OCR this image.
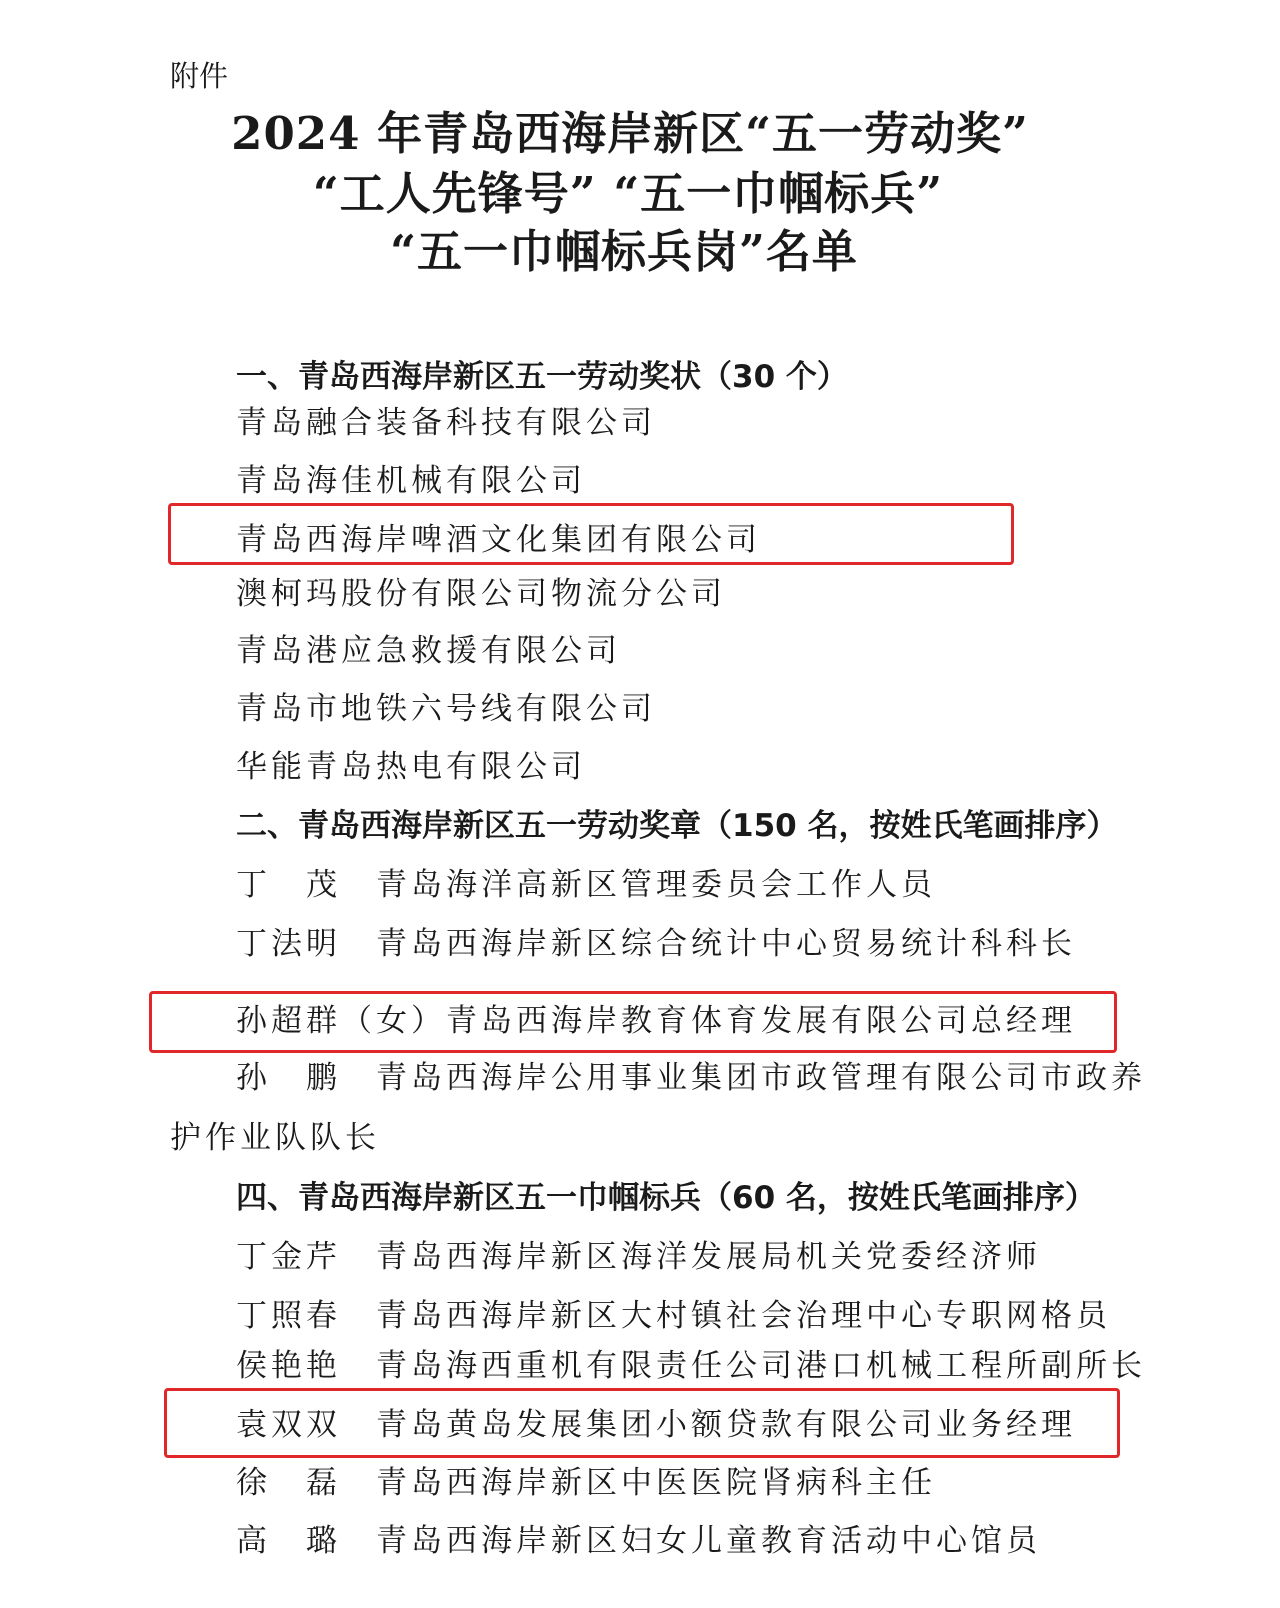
附件
2024 年青岛西海岸新区“五一劳动奖”
“工人先锋号” “五一巾帼标兵”
“五一巾帼标兵岗”名单
一、青岛西海岸新区五一劳动奖状（30 个）
青岛融合装备科技有限公司
青岛海佳机械有限公司
青岛西海岸啤酒文化集团有限公司
澳柯玛股份有限公司物流分公司
青岛港应急救援有限公司
青岛市地铁六号线有限公司
华能青岛热电有限公司
二、青岛西海岸新区五一劳动奖章（150 名，按姓氏笔画排序）
丁　茂　青岛海洋高新区管理委员会工作人员
丁法明　青岛西海岸新区综合统计中心贸易统计科科长
孙超群（女）青岛西海岸教育体育发展有限公司总经理
孙　鹏　青岛西海岸公用事业集团市政管理有限公司市政养
护作业队队长
四、青岛西海岸新区五一巾帼标兵（60 名，按姓氏笔画排序）
丁金芹　青岛西海岸新区海洋发展局机关党委经济师
丁照春　青岛西海岸新区大村镇社会治理中心专职网格员
侯艳艳　青岛海西重机有限责任公司港口机械工程所副所长
袁双双　青岛黄岛发展集团小额贷款有限公司业务经理
徐　磊　青岛西海岸新区中医医院肾病科主任
高　璐　青岛西海岸新区妇女儿童教育活动中心馆员
